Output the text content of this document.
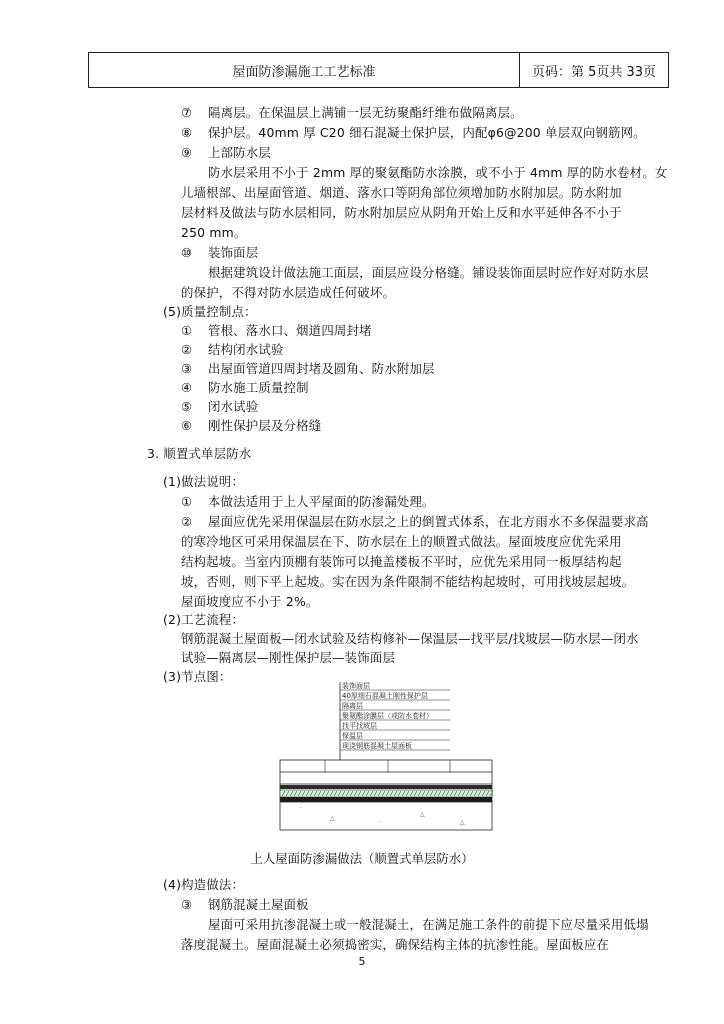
屋面防渗漏施工工艺标准	页码：第 5页共 33页
⑦ 隔离层。在保温层上满铺一层无纺聚酯纤维布做隔离层。
⑧ 保护层。40mm 厚 C20 细石混凝土保护层，内配φ6@200 单层双向钢筋网。
⑨ 上部防水层
防水层采用不小于 2mm 厚的聚氨酯防水涂膜，或不小于 4mm 厚的防水卷材。女
儿墙根部、出屋面管道、烟道、落水口等阴角部位须增加防水附加层。防水附加
层材料及做法与防水层相同，防水附加层应从阴角开始上反和水平延伸各不小于
250 mm。
⑩ 装饰面层
根据建筑设计做法施工面层，面层应设分格缝。铺设装饰面层时应作好对防水层
的保护，不得对防水层造成任何破坏。
(5)质量控制点：
① 管根、落水口、烟道四周封堵
② 结构闭水试验
③ 出屋面管道四周封堵及圆角、防水附加层
④ 防水施工质量控制
⑤ 闭水试验
⑥ 刚性保护层及分格缝
3. 顺置式单层防水
(1)做法说明：
① 本做法适用于上人平屋面的防渗漏处理。
② 屋面应优先采用保温层在防水层之上的倒置式体系，在北方雨水不多保温要求高
的寒冷地区可采用保温层在下、防水层在上的顺置式做法。屋面坡度应优先采用
结构起坡。当室内顶棚有装饰可以掩盖楼板不平时，应优先采用同一板厚结构起
坡，否则，则下平上起坡。实在因为条件限制不能结构起坡时，可用找坡层起坡。
屋面坡度应不小于 2%。
(2)工艺流程：
钢筋混凝土屋面板—闭水试验及结构修补—保温层—找平层/找坡层—防水层—闭水
试验—隔离层—刚性保护层—装饰面层
(3)节点图：
(4)构造做法：
③ 钢筋混凝土屋面板
屋面可采用抗渗混凝土或一般混凝土，在满足施工条件的前提下应尽量采用低塌
落度混凝土。屋面混凝土必须捣密实，确保结构主体的抗渗性能。屋面板应在
装饰面层
40厚细石混凝土刚性保护层
隔离层
聚氨酯涂膜层（或防水卷材）
找平找坡层
保温层
现浇钢筋混凝土屋面板
△
△
△
·
·
上人屋面防渗漏做法（顺置式单层防水）
5
